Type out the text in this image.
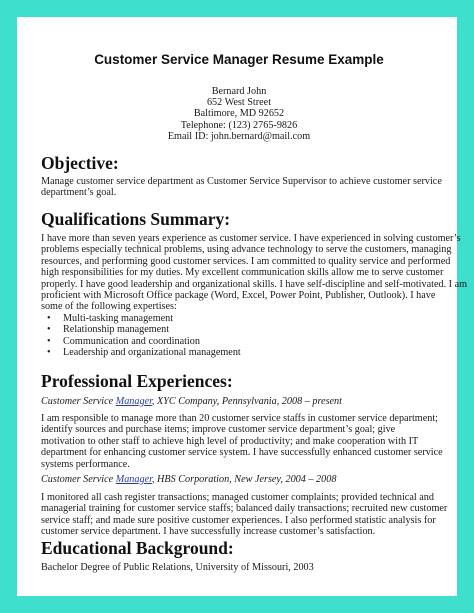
Customer Service Manager Resume Example
Bernard John
652 West Street
Baltimore, MD 92652
Telephone: (123) 2765-9826
Email ID: john.bernard@mail.com
Objective:
Manage customer service department as Customer Service Supervisor to achieve customer service
department’s goal.
Qualifications Summary:
I have more than seven years experience as customer service. I have experienced in solving customer’s
problems especially technical problems, using advance technology to serve the customers, managing
resources, and performing good customer services. I am committed to quality service and performed
high responsibilities for my duties. My excellent communication skills allow me to serve customer
properly. I have good leadership and organizational skills. I have self-discipline and self-motivated. I am
proficient with Microsoft Office package (Word, Excel, Power Point, Publisher, Outlook). I have
some of the following expertises:
• Multi-tasking management
• Relationship management
• Communication and coordination
• Leadership and organizational management
Professional Experiences:
Customer Service Manager, XYC Company, Pennsylvania, 2008 – present
I am responsible to manage more than 20 customer service staffs in customer service department;
identify sources and purchase items; improve customer service department’s goal; give
motivation to other staff to achieve high level of productivity; and make cooperation with IT
department for enhancing customer service system. I have successfully enhanced customer service
systems performance.
Customer Service Manager, HBS Corporation, New Jersey, 2004 – 2008
I monitored all cash register transactions; managed customer complaints; provided technical and
managerial training for customer service staffs; balanced daily transactions; recruited new customer
service staff; and made sure positive customer experiences. I also performed statistic analysis for
customer service department. I have successfully increase customer’s satisfaction.
Educational Background:
Bachelor Degree of Public Relations, University of Missouri, 2003
